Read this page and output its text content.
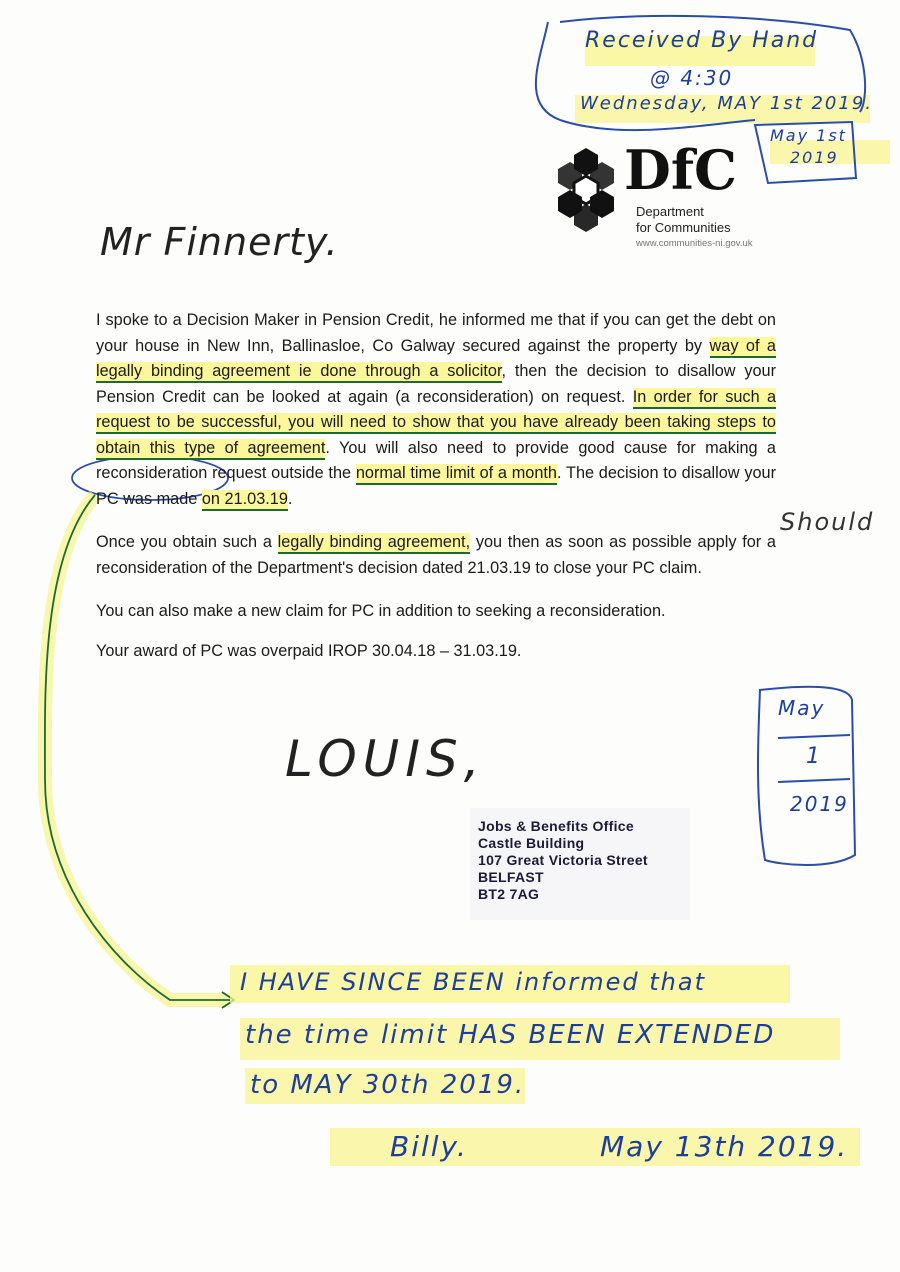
Received By Hand
@ 4:30
Wednesday, MAY 1st 2019.
May 1st
2019
DfC
Department
for Communities
www.communities-ni.gov.uk
Mr Finnerty.

I spoke to a Decision Maker in Pension Credit, he informed me that if you can get the debt on your house in New Inn, Ballinasloe, Co Galway secured against the property by way of a legally binding agreement ie done through a solicitor, then the decision to disallow your Pension Credit can be looked at again (a reconsideration) on request. In order for such a request to be successful, you will need to show that you have already been taking steps to obtain this type of agreement. You will also need to provide good cause for making a reconsideration request outside the normal time limit of a month. The decision to disallow your PC was made on 21.03.19.

Once you obtain such a legally binding agreement, you then as soon as possible apply for a reconsideration of the Department's decision dated 21.03.19 to close your PC claim.

You can also make a new claim for PC in addition to seeking a reconsideration.

Your award of PC was overpaid IROP 30.04.18 – 31.03.19.

Should
LOUIS,
May
1
2019
Jobs & Benefits Office
Castle Building
107 Great Victoria Street
BELFAST
BT2 7AG
I HAVE SINCE BEEN informed that
the time limit HAS BEEN EXTENDED
to MAY 30th 2019.
Billy.	May 13th 2019.
